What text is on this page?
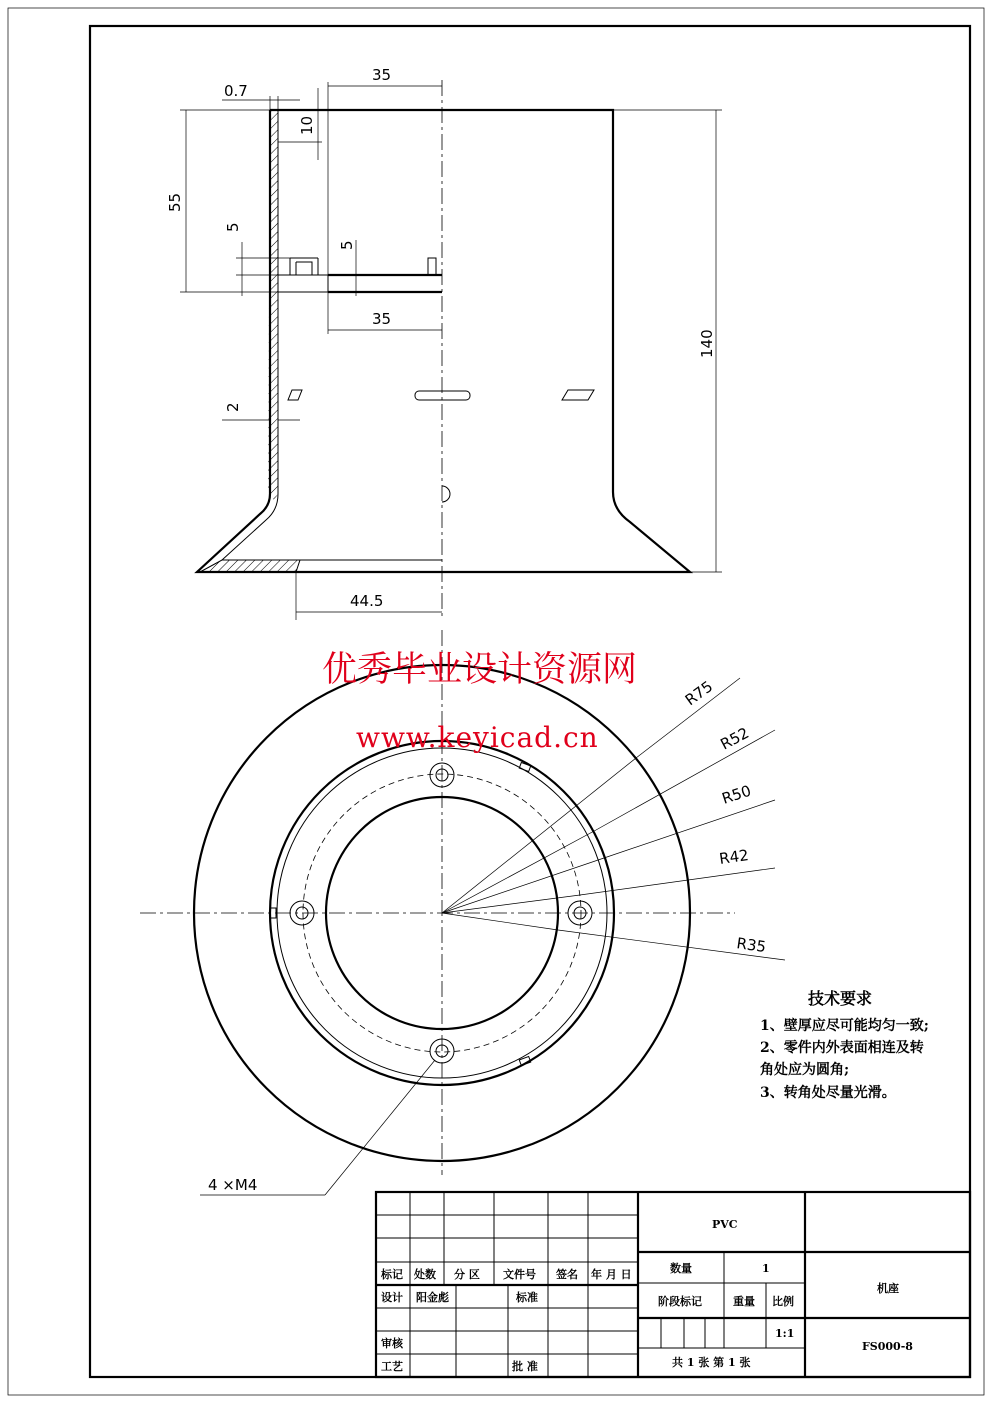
0.7
35
10
55
5
5
35
140
2
44.5
R75
R52
R50
R42
R35
4 ×M4
优秀毕业设计资源网
www.keyicad.cn
技术要求
1、壁厚应尽可能均匀一致;
2、零件内外表面相连及转
角处应为圆角;
3、转角处尽量光滑。
标记 处数 分 区 文件号 签名 年 月 日
设计 阳金彪	标准
审核
工艺	批 准
PVC
数量	1
阶段标记	重量 比例
1:1
共 1 张 第 1 张
机座
FS000-8
